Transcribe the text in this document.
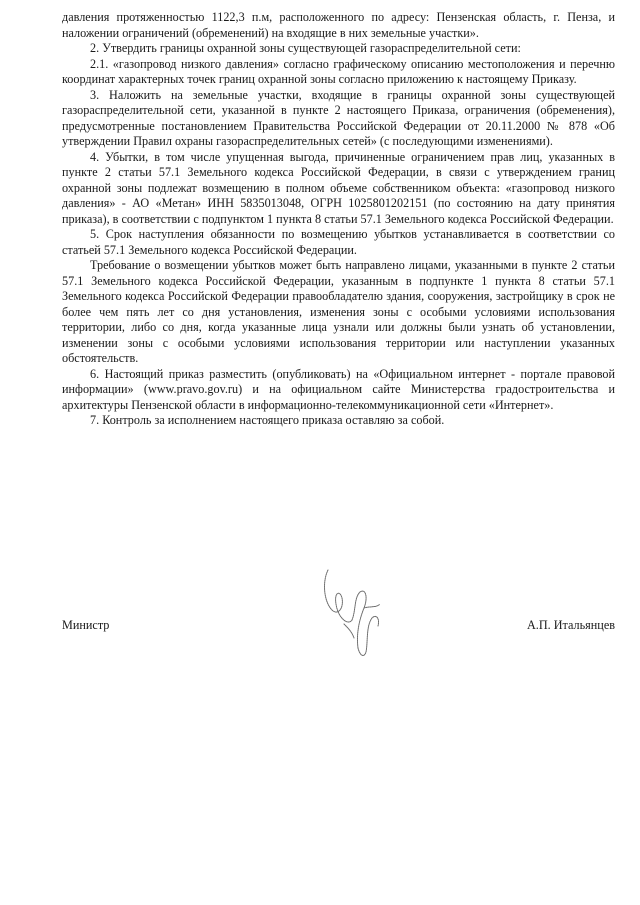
давления протяженностью 1122,3 п.м, расположенного по адресу: Пензенская область, г. Пенза, и наложении ограничений (обременений) на входящие в них земельные участки».

2. Утвердить границы охранной зоны существующей газораспределительной сети:

2.1. «газопровод низкого давления» согласно графическому описанию местоположения и перечню координат характерных точек границ охранной зоны согласно приложению к настоящему Приказу.

3. Наложить на земельные участки, входящие в границы охранной зоны существующей газораспределительной сети, указанной в пункте 2 настоящего Приказа, ограничения (обременения), предусмотренные постановлением Правительства Российской Федерации от 20.11.2000 № 878 «Об утверждении Правил охраны газораспределительных сетей» (с последующими изменениями).

4. Убытки, в том числе упущенная выгода, причиненные ограничением прав лиц, указанных в пункте 2 статьи 57.1 Земельного кодекса Российской Федерации, в связи с утверждением границ охранной зоны подлежат возмещению в полном объеме собственником объекта: «газопровод низкого давления» - АО «Метан» ИНН 5835013048, ОГРН 1025801202151 (по состоянию на дату принятия приказа), в соответствии с подпунктом 1 пункта 8 статьи 57.1 Земельного кодекса Российской Федерации.

5. Срок наступления обязанности по возмещению убытков устанавливается в соответствии со статьей 57.1 Земельного кодекса Российской Федерации.

Требование о возмещении убытков может быть направлено лицами, указанными в пункте 2 статьи 57.1 Земельного кодекса Российской Федерации, указанным в подпункте 1 пункта 8 статьи 57.1 Земельного кодекса Российской Федерации правообладателю здания, сооружения, застройщику в срок не более чем пять лет со дня установления, изменения зоны с особыми условиями использования территории, либо со дня, когда указанные лица узнали или должны были узнать об установлении, изменении зоны с особыми условиями использования территории или наступлении указанных обстоятельств.

6. Настоящий приказ разместить (опубликовать) на «Официальном интернет - портале правовой информации» (www.pravo.gov.ru) и на официальном сайте Министерства градостроительства и архитектуры Пензенской области в информационно-телекоммуникационной сети «Интернет».

7. Контроль за исполнением настоящего приказа оставляю за собой.

Министр	А.П. Итальянцев
